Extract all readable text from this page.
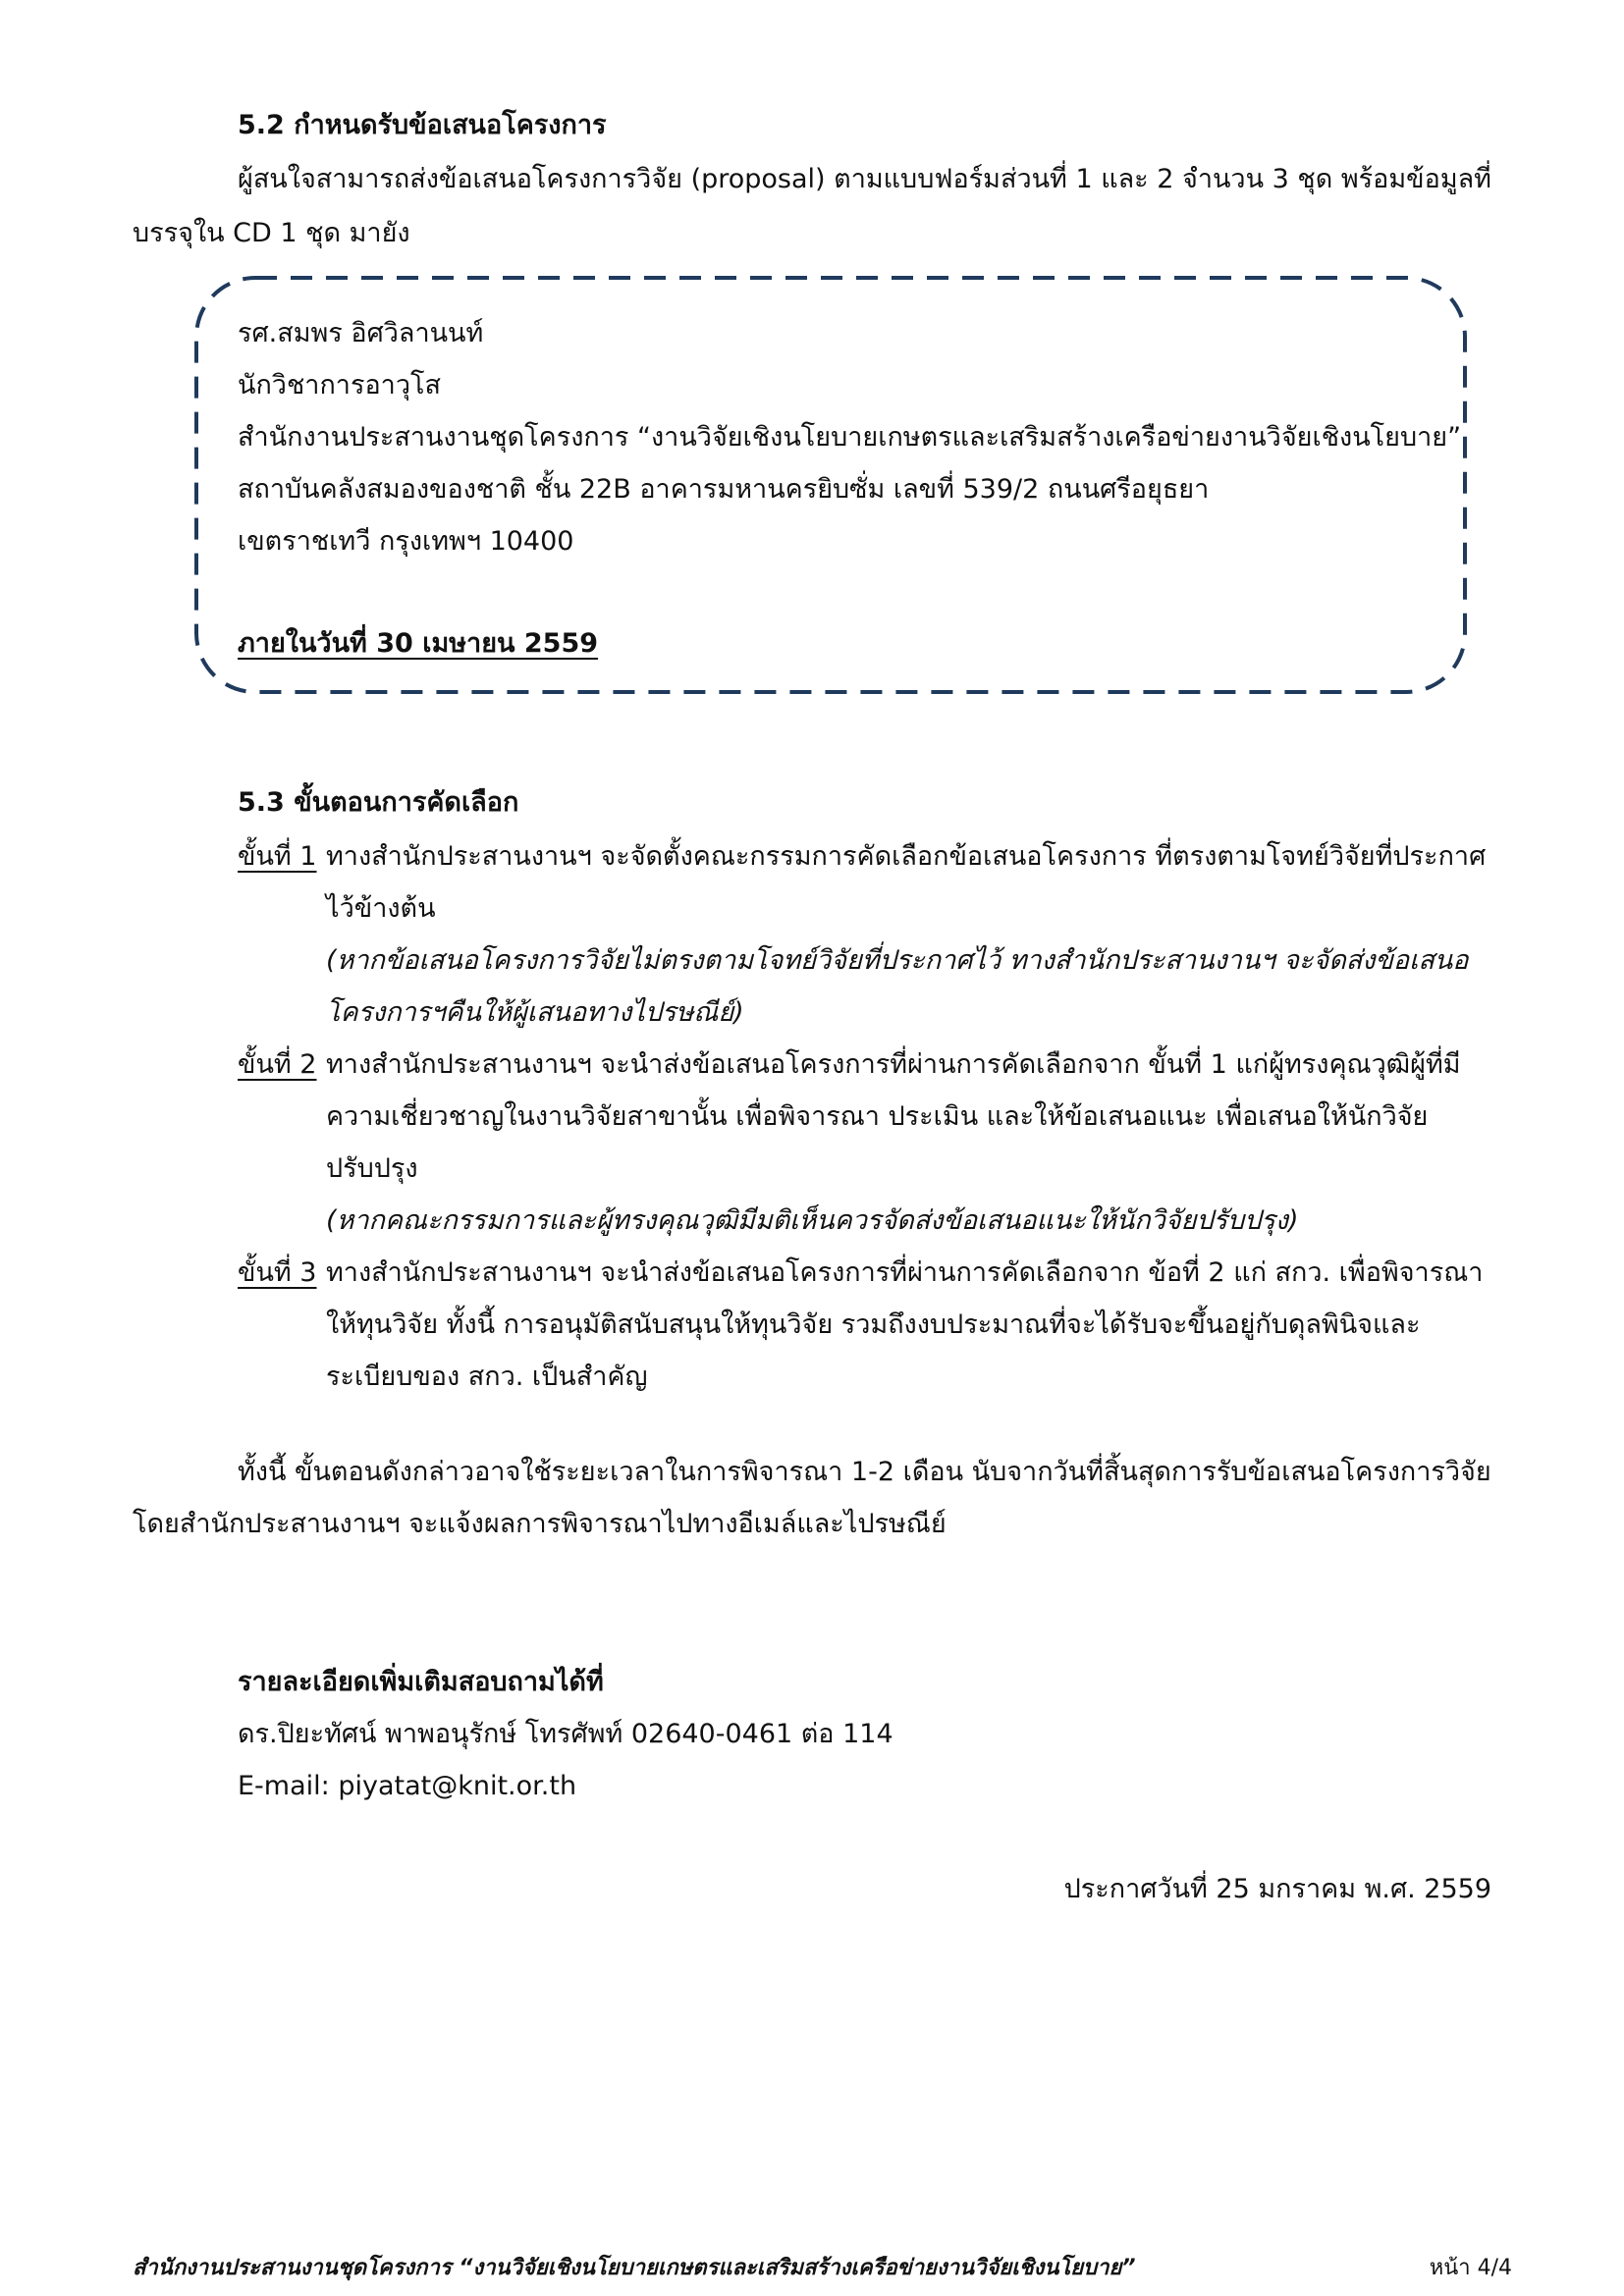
5.2 กำหนดรับข้อเสนอโครงการ
ผู้สนใจสามารถส่งข้อเสนอโครงการวิจัย (proposal) ตามแบบฟอร์มส่วนที่ 1 และ 2 จำนวน 3 ชุด พร้อมข้อมูลที่
บรรจุใน CD 1 ชุด มายัง
รศ.สมพร อิศวิลานนท์
นักวิชาการอาวุโส
สำนักงานประสานงานชุดโครงการ “งานวิจัยเชิงนโยบายเกษตรและเสริมสร้างเครือข่ายงานวิจัยเชิงนโยบาย”
สถาบันคลังสมองของชาติ ชั้น 22B อาคารมหานครยิบซั่ม เลขที่ 539/2 ถนนศรีอยุธยา
เขตราชเทวี กรุงเทพฯ 10400
ภายในวันที่ 30 เมษายน 2559
5.3 ขั้นตอนการคัดเลือก
ขั้นที่ 1 ทางสำนักประสานงานฯ จะจัดตั้งคณะกรรมการคัดเลือกข้อเสนอโครงการ ที่ตรงตามโจทย์วิจัยที่ประกาศ
ไว้ข้างต้น
(หากข้อเสนอโครงการวิจัยไม่ตรงตามโจทย์วิจัยที่ประกาศไว้ ทางสำนักประสานงานฯ จะจัดส่งข้อเสนอ
โครงการฯคืนให้ผู้เสนอทางไปรษณีย์)
ขั้นที่ 2 ทางสำนักประสานงานฯ จะนำส่งข้อเสนอโครงการที่ผ่านการคัดเลือกจาก ขั้นที่ 1 แก่ผู้ทรงคุณวุฒิผู้ที่มี
ความเชี่ยวชาญในงานวิจัยสาขานั้น เพื่อพิจารณา ประเมิน และให้ข้อเสนอแนะ เพื่อเสนอให้นักวิจัย
ปรับปรุง
(หากคณะกรรมการและผู้ทรงคุณวุฒิมีมติเห็นควรจัดส่งข้อเสนอแนะให้นักวิจัยปรับปรุง)
ขั้นที่ 3 ทางสำนักประสานงานฯ จะนำส่งข้อเสนอโครงการที่ผ่านการคัดเลือกจาก ข้อที่ 2 แก่ สกว. เพื่อพิจารณา
ให้ทุนวิจัย ทั้งนี้ การอนุมัติสนับสนุนให้ทุนวิจัย รวมถึงงบประมาณที่จะได้รับจะขึ้นอยู่กับดุลพินิจและ
ระเบียบของ สกว. เป็นสำคัญ
ทั้งนี้ ขั้นตอนดังกล่าวอาจใช้ระยะเวลาในการพิจารณา 1-2 เดือน นับจากวันที่สิ้นสุดการรับข้อเสนอโครงการวิจัย
โดยสำนักประสานงานฯ จะแจ้งผลการพิจารณาไปทางอีเมล์และไปรษณีย์
รายละเอียดเพิ่มเติมสอบถามได้ที่
ดร.ปิยะทัศน์ พาพอนุรักษ์ โทรศัพท์ 02640-0461 ต่อ 114
E-mail: piyatat@knit.or.th
ประกาศวันที่ 25 มกราคม พ.ศ. 2559
สำนักงานประสานงานชุดโครงการ “งานวิจัยเชิงนโยบายเกษตรและเสริมสร้างเครือข่ายงานวิจัยเชิงนโยบาย”	หน้า 4/4
